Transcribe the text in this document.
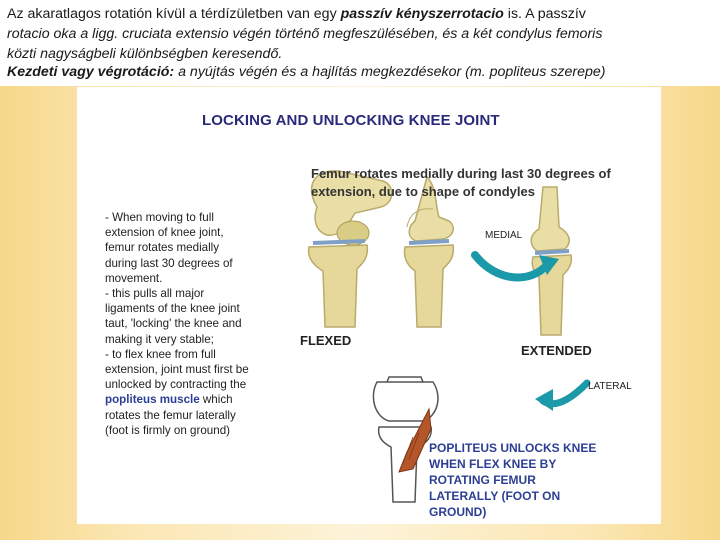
Az akaratlagos rotatión kívül a térdízületben van egy passzív kényszerrotacio is. A passzív

rotacio oka a ligg. cruciata extensio végén történő megfeszülésében, és a két condylus femoris

közti nagyságbeli különbségben keresendő.

Kezdeti vagy végrotáció: a nyújtás végén és a hajlítás megkezdésekor (m. popliteus szerepe)

LOCKING AND UNLOCKING KNEE JOINT
Femur rotates medially during last 30 degrees of extension, due to shape of condyles
- When moving to full
extension of knee joint,
femur rotates medially
during last 30 degrees of
movement.
- this pulls all major
ligaments of the knee joint
taut, 'locking' the knee and
making it very stable;
- to flex knee from full
extension, joint must first be
unlocked by contracting the
popliteus muscle which
rotates the femur laterally
(foot is firmly on ground)
FLEXED
EXTENDED
MEDIAL
LATERAL
POPLITEUS UNLOCKS KNEE
WHEN FLEX KNEE BY
ROTATING FEMUR
LATERALLY (FOOT ON
GROUND)
